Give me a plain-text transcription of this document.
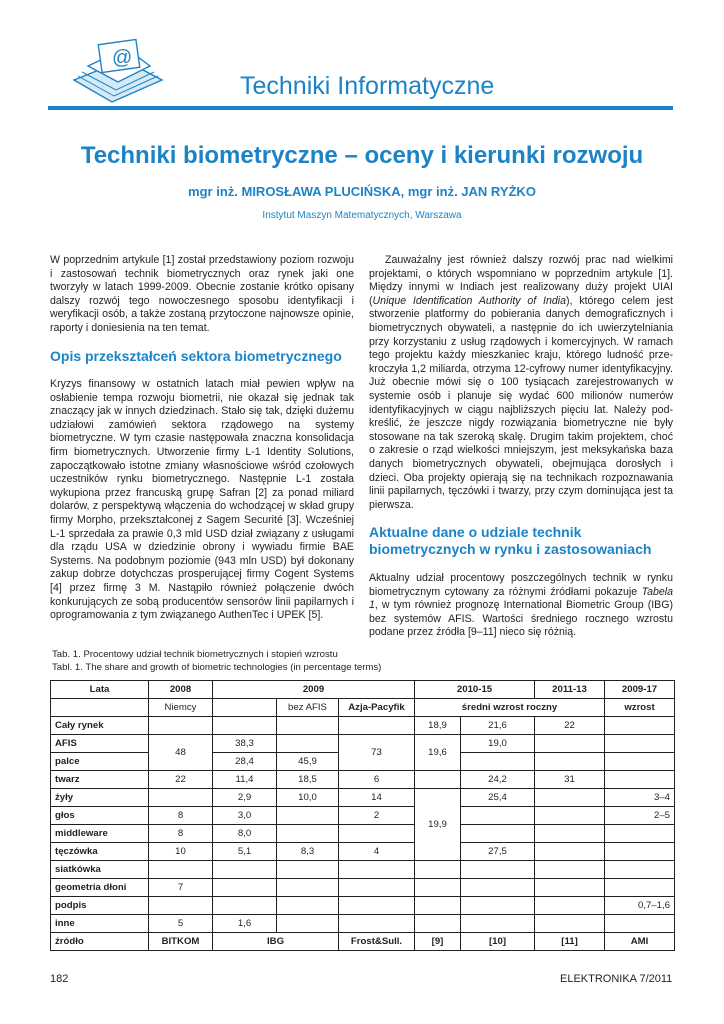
@
Techniki Informatyczne
Techniki biometryczne – oceny i kierunki rozwoju
mgr inż. MIROSŁAWA PLUCIŃSKA, mgr inż. JAN RYŻKO
Instytut Maszyn Matematycznych, Warszawa

W poprzednim artykule [1] został przedstawiony poziom rozwoju i zastosowań technik biometrycznych oraz rynek jaki one tworzyły w latach 1999-2009. Obecnie zostanie krótko opisany dalszy rozwój tego nowoczesnego sposobu identyfikacji i weryfikacji osób, a także zostaną przytoczone najnowsze opinie, raporty i doniesienia na ten temat.

Opis przekształceń sektora biometrycznego

Kryzys finansowy w ostatnich latach miał pewien wpływ na osłabienie tempa rozwoju biometrii, nie okazał się jednak tak znaczący jak w innych dziedzinach. Stało się tak, dzięki dużemu udziałowi zamówień sektora rządowego na systemy biometryczne. W tym czasie następowała znaczna konsolidacja firm biometrycznych. Utworzenie firmy L-1 Identity Solutions, zapoczątkowało istotne zmiany własnościowe wśród czołowych uczestników rynku biometrycznego. Następnie L-1 została wykupiona przez francuską grupę Safran [2] za ponad miliard dolarów, z perspektywą włączenia do wchodzącej w skład grupy firmy Morpho, przekształconej z Sagem Securité [3]. Wcześniej L-1 sprzedała za prawie 0,3 mld USD dział związany z usługami dla rządu USA w dziedzinie obrony i wywiadu firmie BAE Systems. Na podobnym poziomie (943 mln USD) był dokonany zakup dobrze dotychczas prosperującej firmy Cogent Systems [4] przez firmę 3 M. Nastąpiło również połączenie dwóch konkurujących ze sobą producentów sensorów linii papilarnych i oprogramowania z tym związanego AuthenTec i UPEK [5].

Zauważalny jest również dalszy rozwój prac nad wielkimi projektami, o których wspomniano w poprzednim artykule [1]. Między innymi w Indiach jest realizowany duży projekt UIAI (Unique Identification Authority of India), którego celem jest stworzenie platformy do pobierania danych demograficznych i biometrycznych obywateli, a następnie do ich uwierzytelniania przy korzystaniu z usług rządowych i komercyjnych. W ramach tego projektu każdy mieszkaniec kraju, którego ludność przekroczyła 1,2 miliarda, otrzyma 12-cyfrowy numer identyfikacyjny. Już obecnie mówi się o 100 tysiącach zarejestrowanych w systemie osób i planuje się wydać 600 milionów numerów identyfikacyjnych w ciągu najbliższych pięciu lat. Należy podkreślić, że jeszcze nigdy rozwiązania biometryczne nie były stosowane na tak szeroką skalę. Drugim takim projektem, choć o zakresie o rząd wielkości mniejszym, jest meksykańska baza danych biometrycznych obywateli, obejmująca dorosłych i dzieci. Oba projekty opierają się na technikach rozpoznawania linii papilarnych, tęczówki i twarzy, przy czym dominująca jest ta pierwsza.

Aktualne dane o udziale technik biometrycznych w rynku i zastosowaniach

Aktualny udział procentowy poszczególnych technik w rynku biometrycznym cytowany za różnymi źródłami pokazuje Tabela 1, w tym również prognozę International Biometric Group (IBG) bez systemów AFIS. Wartości średniego rocznego wzrostu podane przez źródła [9–11] nieco się różnią.

Tab. 1. Procentowy udział technik biometrycznych i stopień wzrostu
Tabl. 1. The share and growth of biometric technologies (in percentage terms)
Lata	2008	2009			2010-15		2011-13	2009-17
	Niemcy		bez AFIS	Azja-Pacyfik	średni wzrost roczny			wzrost
Cały rynek					18,9	21,6	22	
AFIS	48	38,3		73	19,6	19,0		
palce		28,4	45,9					
twarz	22	11,4	18,5	6		24,2	31	
żyły		2,9	10,0	14	19,9	25,4		3–4
głos	8	3,0		2				2–5
middleware	8	8,0						
tęczówka	10	5,1	8,3	4		27,5		
siatkówka								
geometria dłoni	7							
podpis								0,7–1,6
inne	5	1,6						
źródło	BITKOM	IBG		Frost&Sull.	[9]	[10]	[11]	AMI
182	ELEKTRONIKA 7/2011
